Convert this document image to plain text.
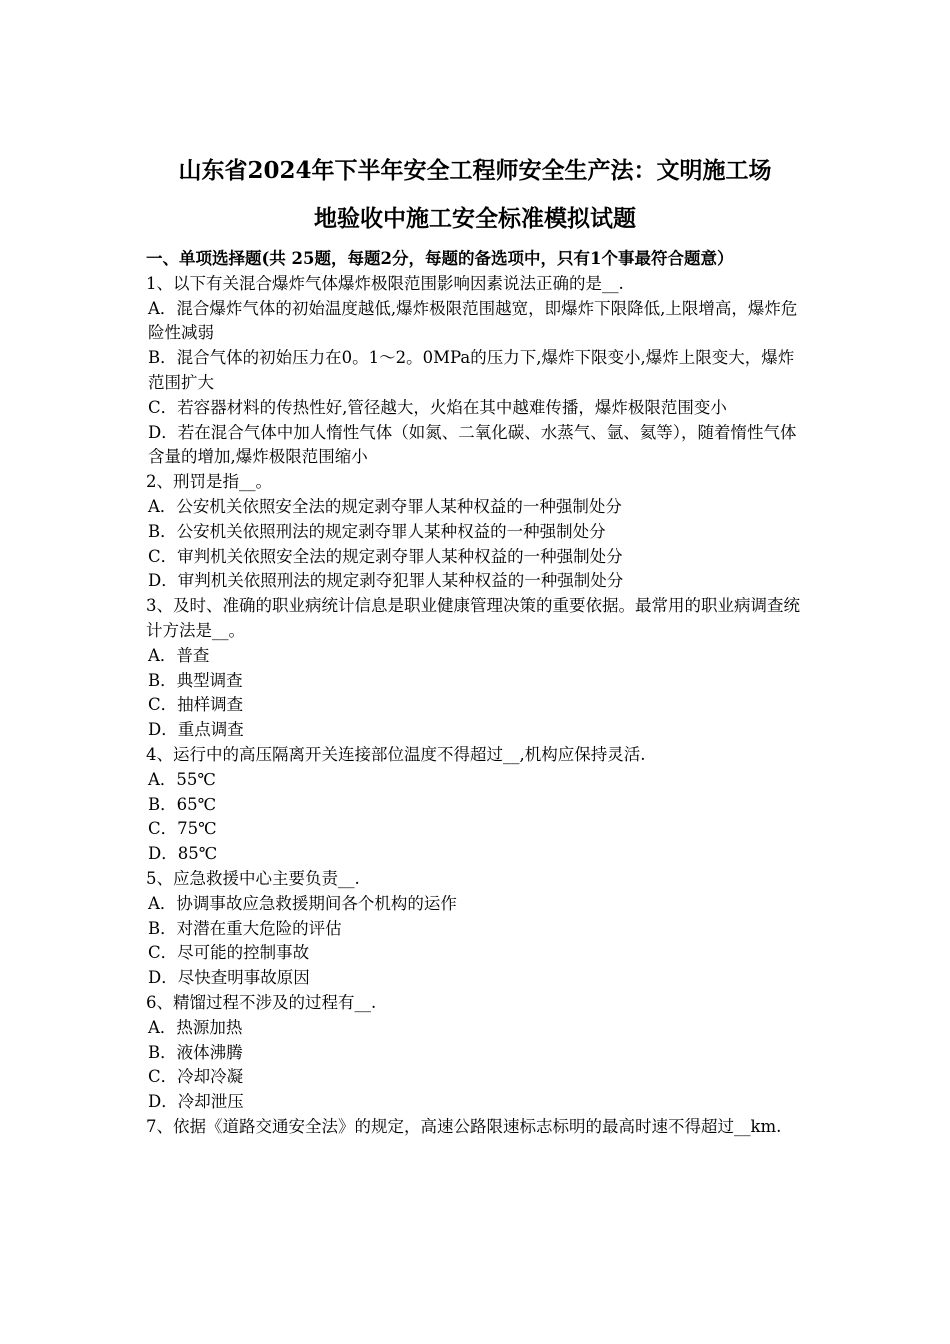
山东省2024年下半年安全工程师安全生产法：文明施工场
地验收中施工安全标准模拟试题
一、单项选择题(共 25题，每题2分，每题的备选项中，只有1个事最符合题意）
1、以下有关混合爆炸气体爆炸极限范围影响因素说法正确的是__.
A．混合爆炸气体的初始温度越低,爆炸极限范围越宽，即爆炸下限降低,上限增高，爆炸危险性减弱
B．混合气体的初始压力在0。1～2。0MPa的压力下,爆炸下限变小,爆炸上限变大，爆炸范围扩大
C．若容器材料的传热性好,管径越大，火焰在其中越难传播，爆炸极限范围变小
D．若在混合气体中加人惰性气体（如氮、二氧化碳、水蒸气、氩、氦等），随着惰性气体含量的增加,爆炸极限范围缩小
2、刑罚是指__。
A．公安机关依照安全法的规定剥夺罪人某种权益的一种强制处分
B．公安机关依照刑法的规定剥夺罪人某种权益的一种强制处分
C．审判机关依照安全法的规定剥夺罪人某种权益的一种强制处分
D．审判机关依照刑法的规定剥夺犯罪人某种权益的一种强制处分
3、及时、准确的职业病统计信息是职业健康管理决策的重要依据。最常用的职业病调查统计方法是__。
A．普查
B．典型调查
C．抽样调查
D．重点调查
4、运行中的高压隔离开关连接部位温度不得超过__,机构应保持灵活.
A．55℃
B．65℃
C．75℃
D．85℃
5、应急救援中心主要负责__.
A．协调事故应急救援期间各个机构的运作
B．对潜在重大危险的评估
C．尽可能的控制事故
D．尽快查明事故原因
6、精馏过程不涉及的过程有__.
A．热源加热
B．液体沸腾
C．冷却冷凝
D．冷却泄压
7、依据《道路交通安全法》的规定，高速公路限速标志标明的最高时速不得超过__km.
